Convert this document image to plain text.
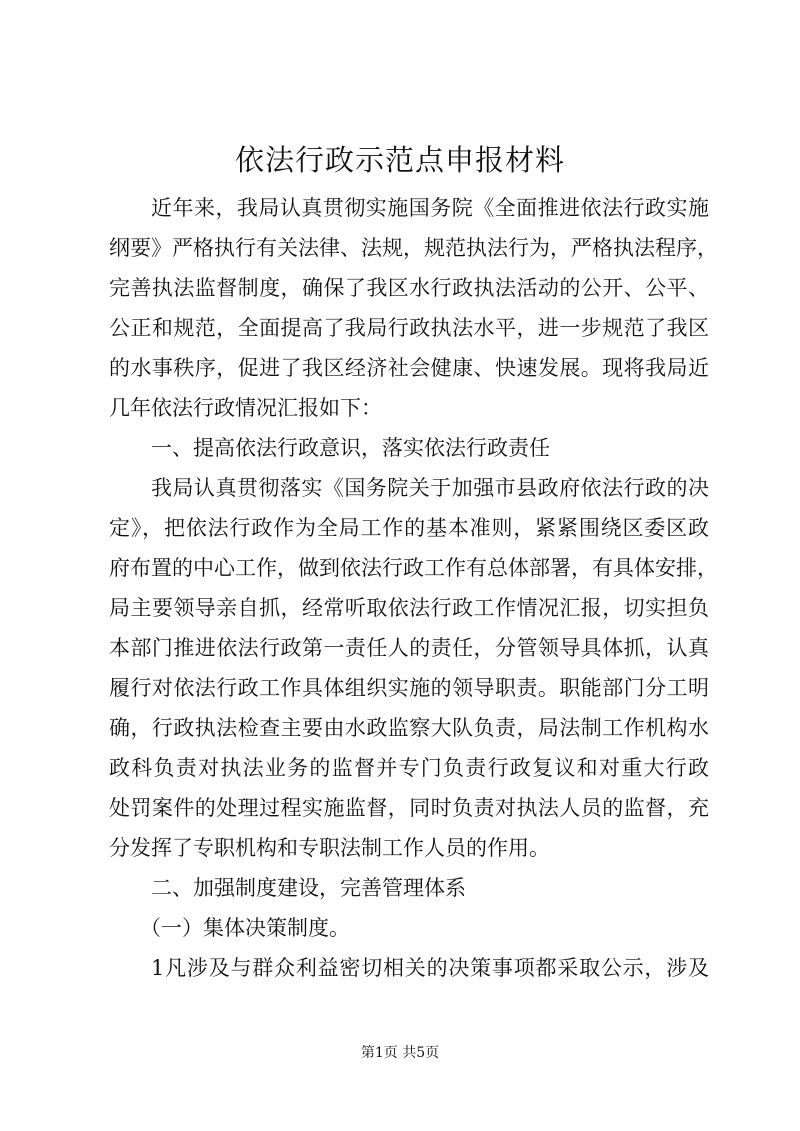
依法行政示范点申报材料
近年来，我局认真贯彻实施国务院《全面推进依法行政实施
纲要》严格执行有关法律、法规，规范执法行为，严格执法程序，
完善执法监督制度，确保了我区水行政执法活动的公开、公平、
公正和规范，全面提高了我局行政执法水平，进一步规范了我区
的水事秩序，促进了我区经济社会健康、快速发展。现将我局近
几年依法行政情况汇报如下：
一、提高依法行政意识，落实依法行政责任
我局认真贯彻落实《国务院关于加强市县政府依法行政的决
定》，把依法行政作为全局工作的基本准则，紧紧围绕区委区政
府布置的中心工作，做到依法行政工作有总体部署，有具体安排，
局主要领导亲自抓，经常听取依法行政工作情况汇报，切实担负
本部门推进依法行政第一责任人的责任，分管领导具体抓，认真
履行对依法行政工作具体组织实施的领导职责。职能部门分工明
确，行政执法检查主要由水政监察大队负责，局法制工作机构水
政科负责对执法业务的监督并专门负责行政复议和对重大行政
处罚案件的处理过程实施监督，同时负责对执法人员的监督，充
分发挥了专职机构和专职法制工作人员的作用。
二、加强制度建设，完善管理体系
（一）集体决策制度。
1凡涉及与群众利益密切相关的决策事项都采取公示，涉及
第1页 共5页
